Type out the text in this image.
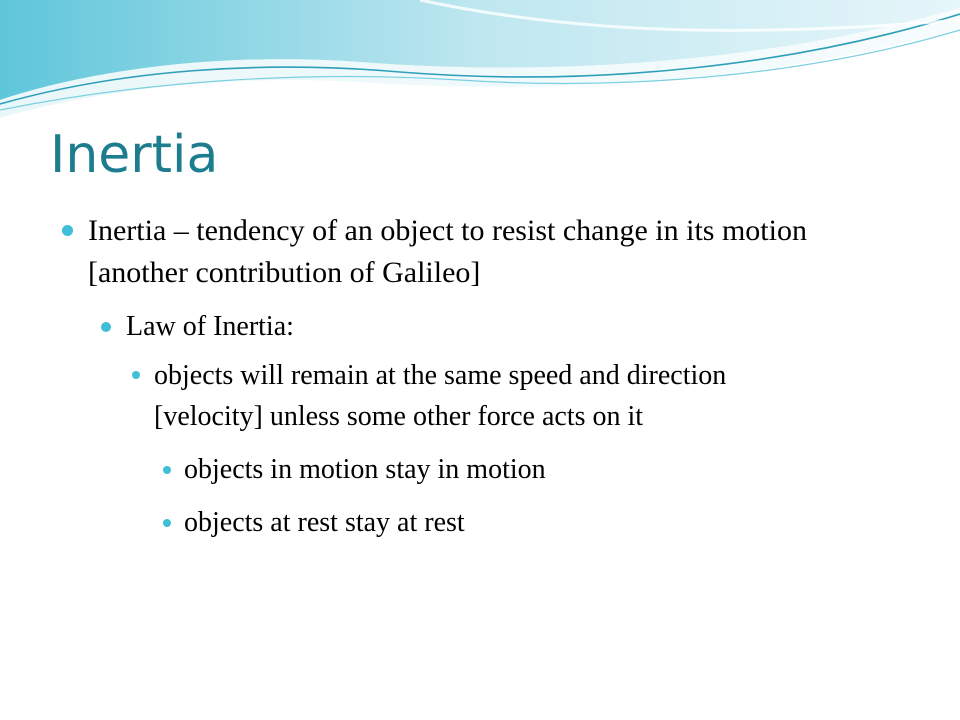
Inertia
Inertia – tendency of an object to resist change in its motion [another contribution of Galileo]
Law of Inertia:
objects will remain at the same speed and direction [velocity] unless some other force acts on it
objects in motion stay in motion
objects at rest stay at rest
